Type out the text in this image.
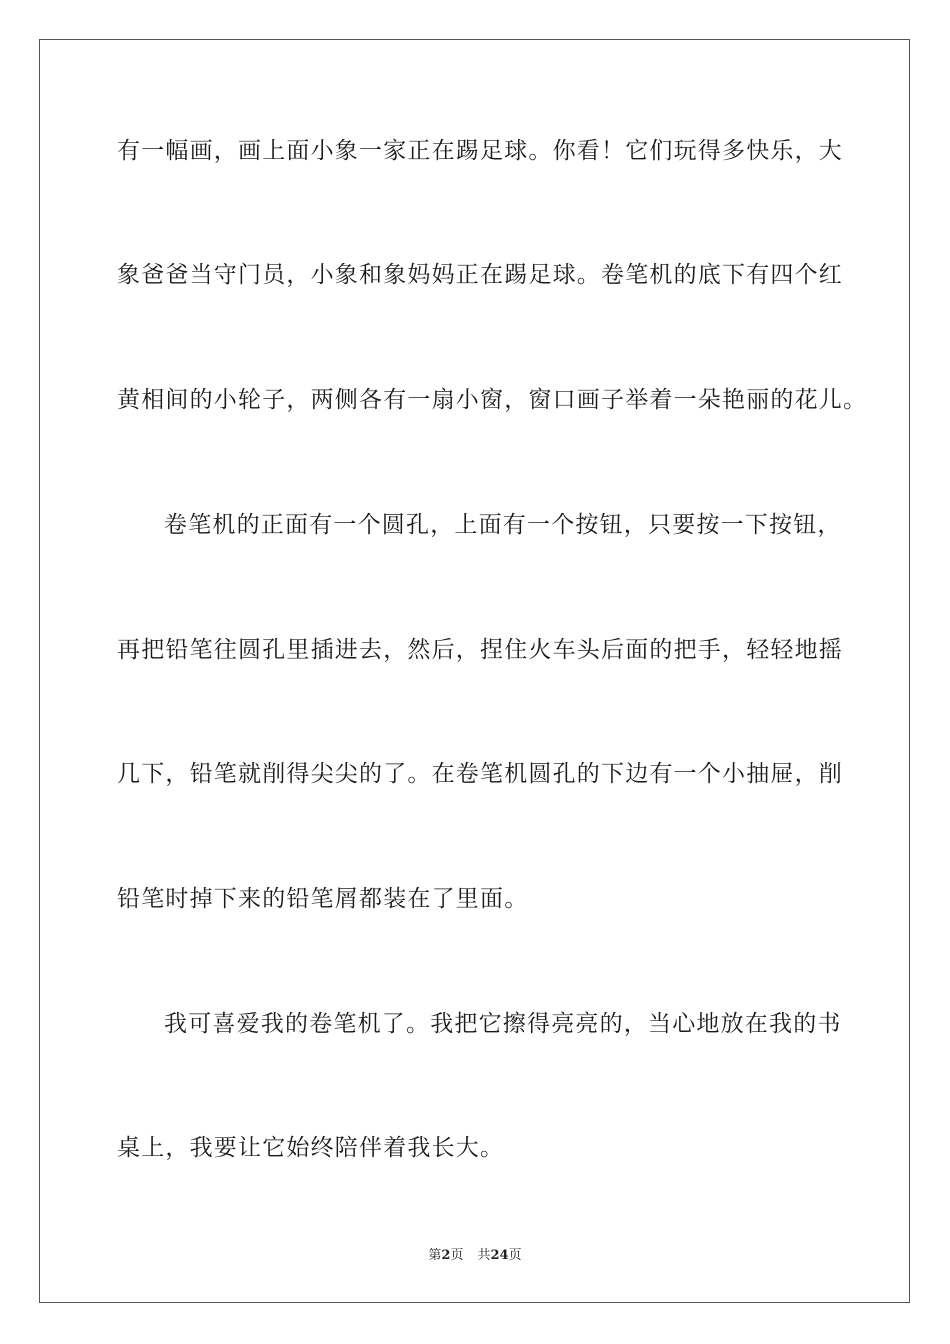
有一幅画，画上面小象一家正在踢足球。你看！它们玩得多快乐，大
象爸爸当守门员，小象和象妈妈正在踢足球。卷笔机的底下有四个红
黄相间的小轮子，两侧各有一扇小窗，窗口画子举着一朵艳丽的花儿。
卷笔机的正面有一个圆孔，上面有一个按钮，只要按一下按钮，
再把铅笔往圆孔里插进去，然后，捏住火车头后面的把手，轻轻地摇
几下，铅笔就削得尖尖的了。在卷笔机圆孔的下边有一个小抽屉，削
铅笔时掉下来的铅笔屑都装在了里面。
我可喜爱我的卷笔机了。我把它擦得亮亮的，当心地放在我的书
桌上，我要让它始终陪伴着我长大。
第2页 共24页
